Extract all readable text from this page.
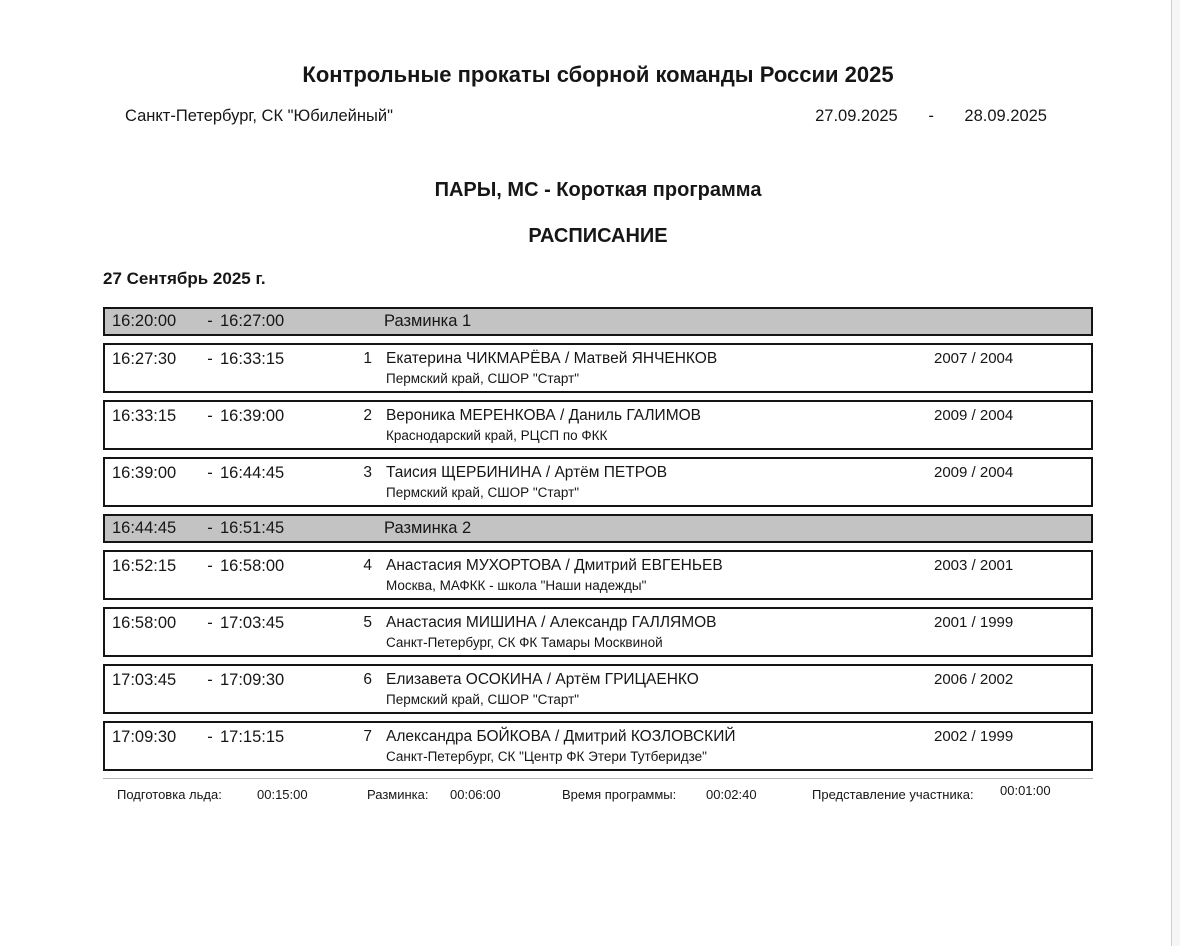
Контрольные прокаты сборной команды России 2025
Санкт-Петербург, СК "Юбилейный"	27.09.2025 - 28.09.2025
ПАРЫ, МС - Короткая программа
РАСПИСАНИЕ
27 Сентябрь 2025 г.
16:20:00	- 16:27:00	Разминка 1
16:27:30	- 16:33:15	1 Екатерина ЧИКМАРЁВА / Матвей ЯНЧЕНКОВ
Пермский край, СШОР "Старт"
2007 / 2004
16:33:15	- 16:39:00	2 Вероника МЕРЕНКОВА / Даниль ГАЛИМОВ
Краснодарский край, РЦСП по ФКК
2009 / 2004
16:39:00	- 16:44:45	3 Таисия ЩЕРБИНИНА / Артём ПЕТРОВ
Пермский край, СШОР "Старт"
2009 / 2004
16:44:45	- 16:51:45	Разминка 2
16:52:15	- 16:58:00	4 Анастасия МУХОРТОВА / Дмитрий ЕВГЕНЬЕВ
Москва, МАФКК - школа "Наши надежды"
2003 / 2001
16:58:00	- 17:03:45	5 Анастасия МИШИНА / Александр ГАЛЛЯМОВ
Санкт-Петербург, СК ФК Тамары Москвиной
2001 / 1999
17:03:45	- 17:09:30	6 Елизавета ОСОКИНА / Артём ГРИЦАЕНКО
Пермский край, СШОР "Старт"
2006 / 2002
17:09:30	- 17:15:15	7 Александра БОЙКОВА / Дмитрий КОЗЛОВСКИЙ
Санкт-Петербург, СК "Центр ФК Этери Тутберидзе"
2002 / 1999
Подготовка льда:	00:15:00	Разминка: 00:06:00	Время программы: 00:02:40	Представление участника: 00:01:00
